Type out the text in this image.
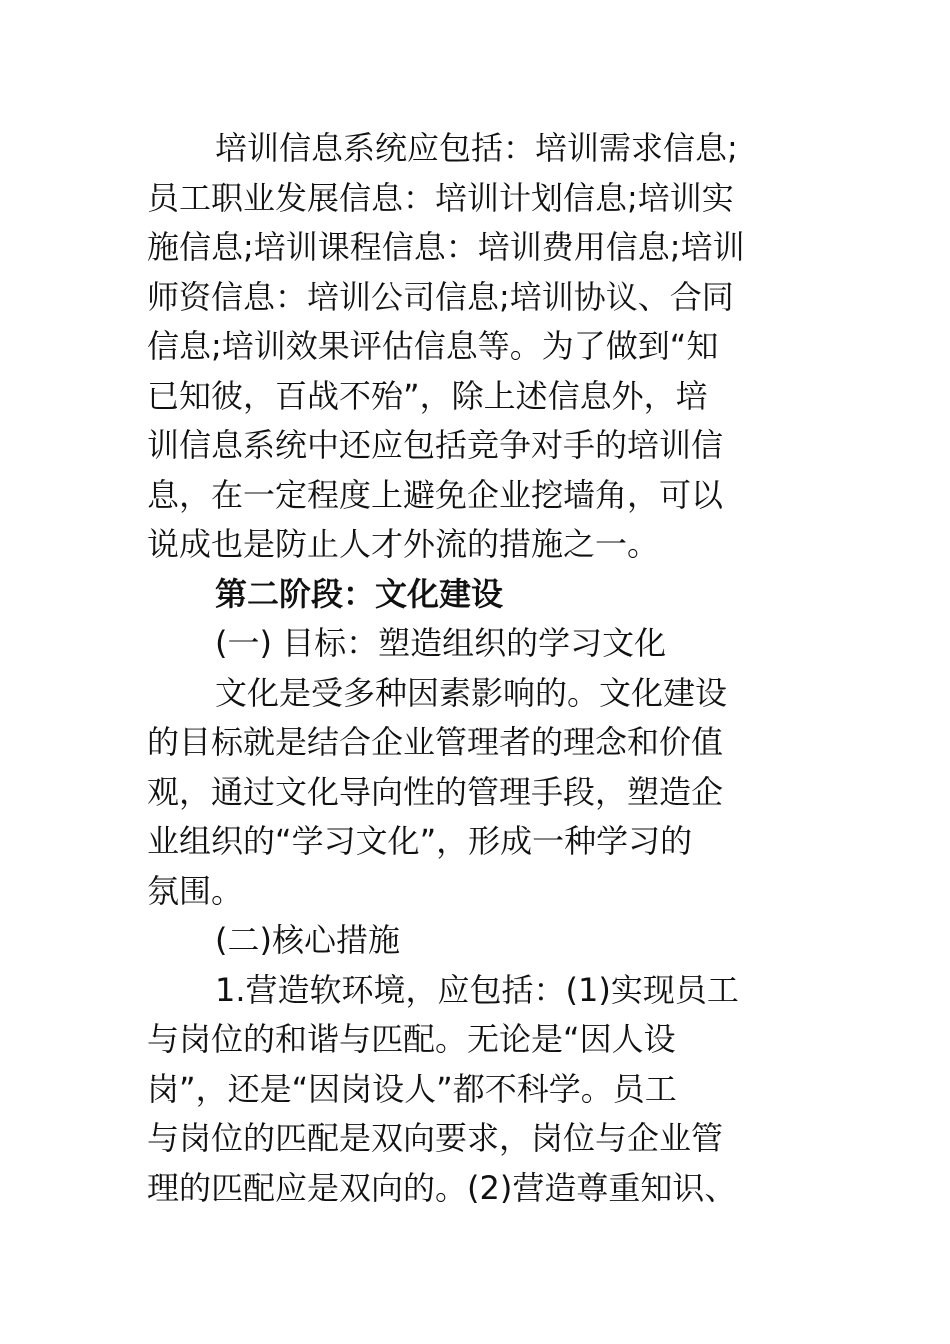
培训信息系统应包括：培训需求信息;
员工职业发展信息：培训计划信息;培训实
施信息;培训课程信息：培训费用信息;培训
师资信息：培训公司信息;培训协议、合同
信息;培训效果评估信息等。为了做到“知
已知彼，百战不殆”，除上述信息外，培
训信息系统中还应包括竞争对手的培训信
息，在一定程度上避免企业挖墙角，可以
说成也是防止人才外流的措施之一。
第二阶段：文化建设
(一) 目标：塑造组织的学习文化
文化是受多种因素影响的。文化建设
的目标就是结合企业管理者的理念和价值
观，通过文化导向性的管理手段，塑造企
业组织的“学习文化”，形成一种学习的
氛围。
(二)核心措施
1.营造软环境，应包括：(1)实现员工
与岗位的和谐与匹配。无论是“因人设
岗”，还是“因岗设人”都不科学。员工
与岗位的匹配是双向要求，岗位与企业管
理的匹配应是双向的。(2)营造尊重知识、
